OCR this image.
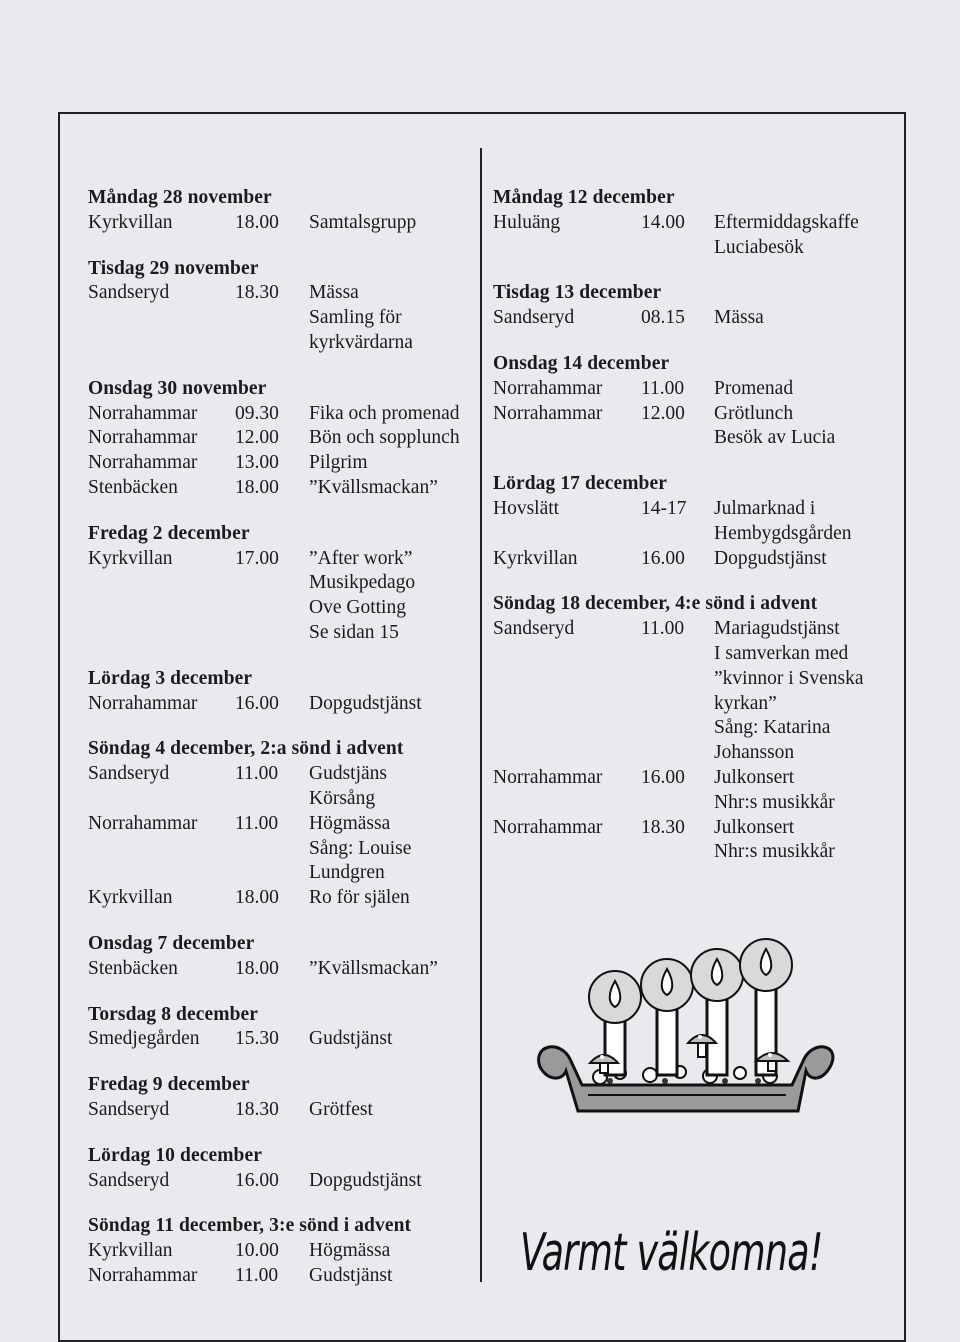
Måndag 28 november
Kyrkvillan	18.00	Samtalsgrupp
Tisdag 29 november
Sandseryd	18.30	Mässa
Samling för
kyrkvärdarna
Onsdag 30 november
Norrahammar	09.30	Fika och promenad
Norrahammar	12.00	Bön och sopplunch
Norrahammar	13.00	Pilgrim
Stenbäcken	18.00	”Kvällsmackan”
Fredag 2 december
Kyrkvillan	17.00	”After work”
Musikpedago
Ove Gotting
Se sidan 15
Lördag 3 december
Norrahammar	16.00	Dopgudstjänst
Söndag 4 december, 2:a sönd i advent
Sandseryd	11.00	Gudstjäns
Körsång
Norrahammar	11.00	Högmässa
Sång: Louise
Lundgren
Kyrkvillan	18.00	Ro för själen
Onsdag 7 december
Stenbäcken	18.00	”Kvällsmackan”
Torsdag 8 december
Smedjegården	15.30	Gudstjänst
Fredag 9 december
Sandseryd	18.30	Grötfest
Lördag 10 december
Sandseryd	16.00	Dopgudstjänst
Söndag 11 december, 3:e sönd i advent
Kyrkvillan	10.00	Högmässa
Norrahammar	11.00	Gudstjänst
Måndag 12 december
Huluäng	14.00	Eftermiddagskaffe
Luciabesök
Tisdag 13 december
Sandseryd	08.15	Mässa
Onsdag 14 december
Norrahammar	11.00	Promenad
Norrahammar	12.00	Grötlunch
Besök av Lucia
Lördag 17 december
Hovslätt	14-17	Julmarknad i
Hembygdsgården
Kyrkvillan	16.00	Dopgudstjänst
Söndag 18 december, 4:e sönd i advent
Sandseryd	11.00	Mariagudstjänst
I samverkan med
”kvinnor i Svenska
kyrkan”
Sång: Katarina
Johansson
Norrahammar	16.00	Julkonsert
Nhr:s musikkår
Norrahammar	18.30	Julkonsert
Nhr:s musikkår
Varmt välkomna!
